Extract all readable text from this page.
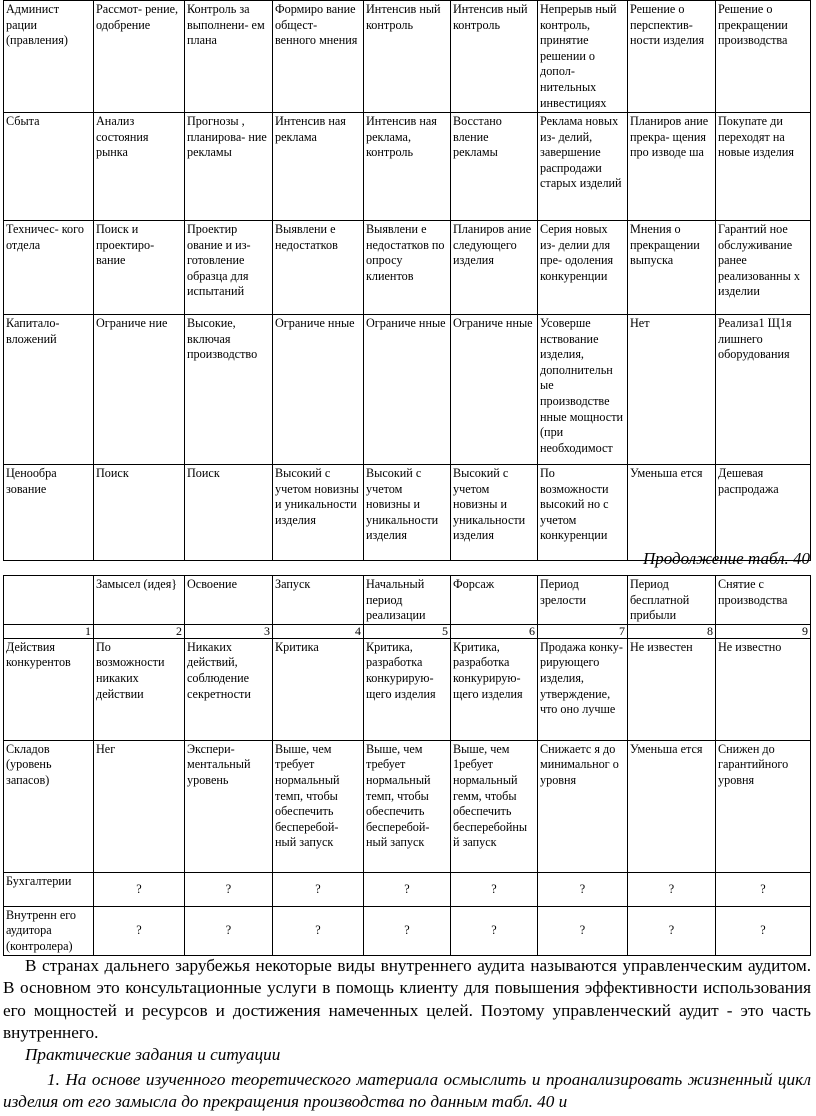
Админист рации (правления)	Рассмот- рение, одобрение	Контроль за выполнени- ем плана	Формиро вание общест- венного мнения	Интенсив ный контроль	Интенсив ный контроль	Непрерыв ный контроль, принятие решении о допол- нительных инвестициях	Решение о перспектив- ности изделия	Решение о прекращении производства
Сбыта	Анализ состояния рынка	Прогнозы , планирова- ние рекламы	Интенсив ная реклама	Интенсив ная реклама, контроль	Восстано вление рекламы	Реклама новых из- делий, завершение распродажи старых изделий	Планиров ание прекра- щения про изводе ша	Покупате ди переходят на новые изделия
Техничес- кого отдела	Поиск и проектиро- вание	Проектир ование и из- готовление образца для испытаний	Выявлени е недостатков	Выявлени е недостатков по опросу клиентов	Планиров ание следующего изделия	Серия новых из- делии для пре- одоления конкуренции	Мнения о прекращении выпуска	Гарантий ное обслуживание ранее реализованны х изделии
Капитало- вложений	Ограниче ние	Высокие, включая производство	Ограниче нные	Ограниче нные	Ограниче нные	Усоверше нствование изделия, дополнительн ые производстве нные мощности (при необходимост	Нет	Реализа1 Щ1я лишнего оборудования
Ценообра зование	Поиск	Поиск	Высокий с учетом новизны и уникальности изделия	Высокий с учетом новизны и уникальности изделия	Высокий с учетом новизны и уникальности изделия	По возможности высокий но с учетом конкуренции	Уменьша ется	Дешевая распродажа
Продолжение табл. 40
	Замысел (идея}	Освоение	Запуск	Начальный период реализации	Форсаж	Период зрелости	Период бесплатной прибыли	Снятие с производства
1	2	3	4	5	6	7	8	9
Действия конкурентов	По возможности никаких действии	Никаких действий, соблюдение секретности	Критика	Критика, разработка конкурирую- щего изделия	Критика, разработка конкурирую- щего изделия	Продажа конку- рирующего изделия, утверждение, что оно лучше	Не известен	Не известно
Складов (уровень запасов)	Нег	Экспери- ментальный уровень	Выше, чем требует нормальный темп, чтобы обеспечить бесперебой- ный запуск	Выше, чем требует нормальный темп, чтобы обеспечить бесперебой- ный запуск	Выше, чем 1ребует нормальный гемм, чтобы обеспечить бесперебойны й запуск	Снижаетс я до минимальног о уровня	Уменьша ется	Снижен до гарантийного уровня
Бухгалтерии	?	?	?	?	?	?	?	?
Внутренн его аудитора (контролера)	?	?	?	?	?	?	?	?
В странах дальнего зарубежья некоторые виды внутреннего аудита называются управленческим аудитом. В основном это консультационные услуги в помощь клиенту для повышения эффективности использования его мощностей и ресурсов и достижения намеченных целей. Поэтому управленческий аудит - это часть внутреннего.
Практические задания и ситуации
1. На основе изученного теоретического материала осмыслить и проанализировать жизненный цикл изделия от его замысла до прекращения производства по данным табл. 40 и
